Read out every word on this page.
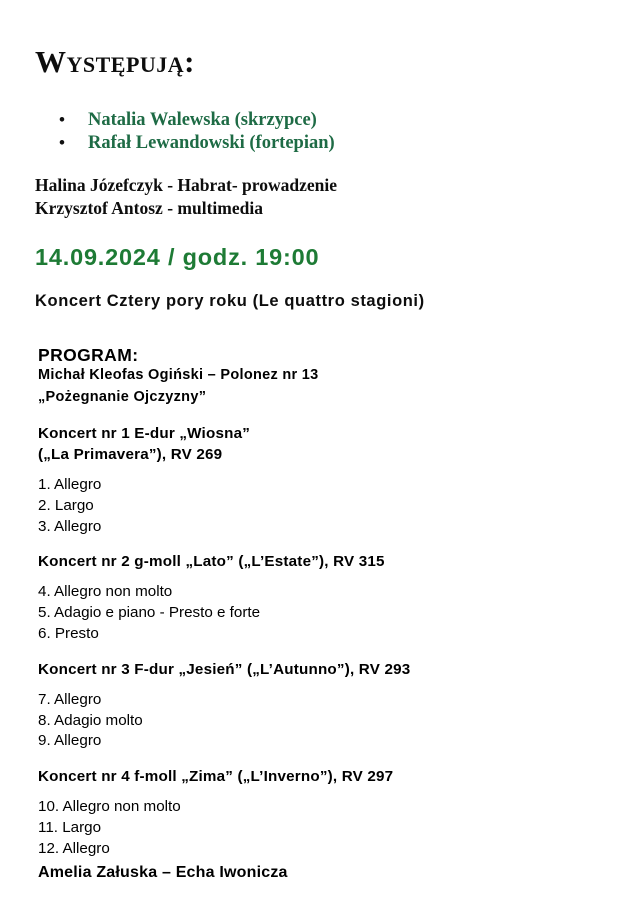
Występują:
• Natalia Walewska (skrzypce)
• Rafał Lewandowski (fortepian)

Halina Józefczyk - Habrat- prowadzenie

Krzysztof Antosz - multimedia

14.09.2024 / godz. 19:00
Koncert Cztery pory roku (Le quattro stagioni)

PROGRAM:

Michał Kleofas Ogiński – Polonez nr 13

„Pożegnanie Ojczyzny”

Koncert nr 1 E-dur „Wiosna”

(„La Primavera”), RV 269

1. Allegro

2. Largo

3. Allegro

Koncert nr 2 g-moll „Lato” („L’Estate”), RV 315

4. Allegro non molto

5. Adagio e piano - Presto e forte

6. Presto

Koncert nr 3 F-dur „Jesień” („L’Autunno”), RV 293

7. Allegro

8. Adagio molto

9. Allegro

Koncert nr 4 f-moll „Zima” („L’Inverno”), RV 297

10. Allegro non molto

11. Largo

12. Allegro

Amelia Załuska – Echa Iwonicza
